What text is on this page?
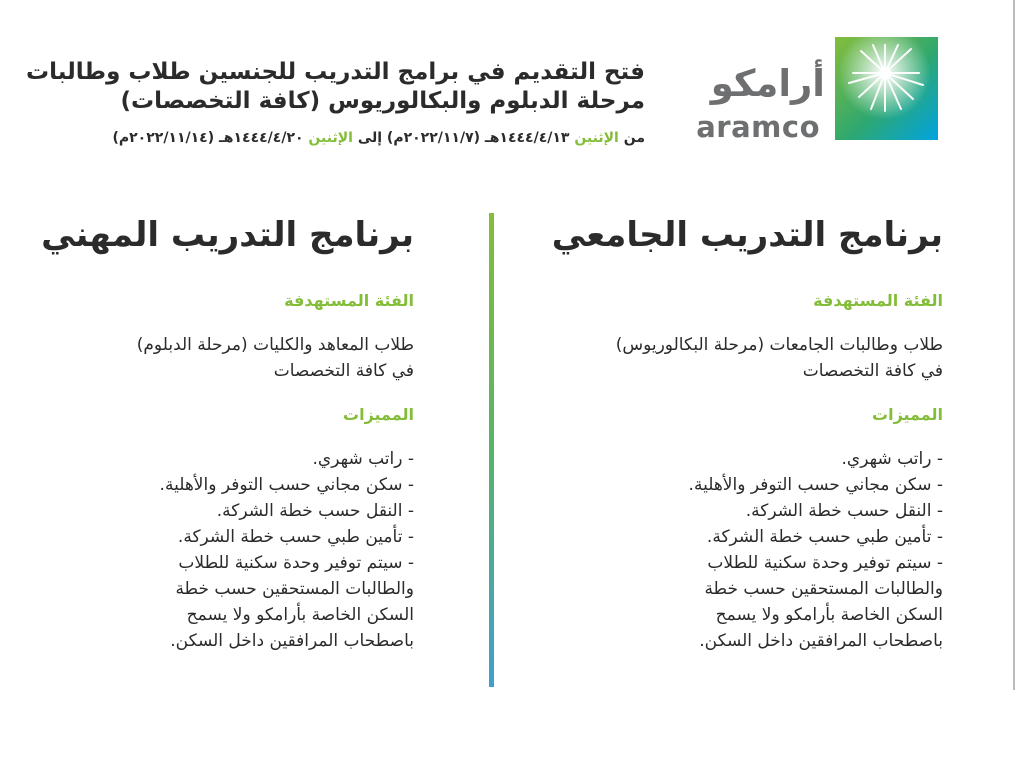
أرامكو
aramco
فتح التقديم في برامج التدريب للجنسين طلاب وطالبات
مرحلة الدبلوم والبكالوريوس (كافة التخصصات)
من الإثنين ١٤٤٤/٤/١٣هـ (٢٠٢٢/١١/٧م) إلى الإثنين ١٤٤٤/٤/٢٠هـ (٢٠٢٢/١١/١٤م)
برنامج التدريب الجامعي
الفئة المستهدفة
طلاب وطالبات الجامعات (مرحلة البكالوريوس)
في كافة التخصصات
المميزات
- راتب شهري.
- سكن مجاني حسب التوفر والأهلية.
- النقل حسب خطة الشركة.
- تأمين طبي حسب خطة الشركة.
- سيتم توفير وحدة سكنية للطلاب
والطالبات المستحقين حسب خطة
السكن الخاصة بأرامكو ولا يسمح
باصطحاب المرافقين داخل السكن.
برنامج التدريب المهني
الفئة المستهدفة
طلاب المعاهد والكليات (مرحلة الدبلوم)
في كافة التخصصات
المميزات
- راتب شهري.
- سكن مجاني حسب التوفر والأهلية.
- النقل حسب خطة الشركة.
- تأمين طبي حسب خطة الشركة.
- سيتم توفير وحدة سكنية للطلاب
والطالبات المستحقين حسب خطة
السكن الخاصة بأرامكو ولا يسمح
باصطحاب المرافقين داخل السكن.
